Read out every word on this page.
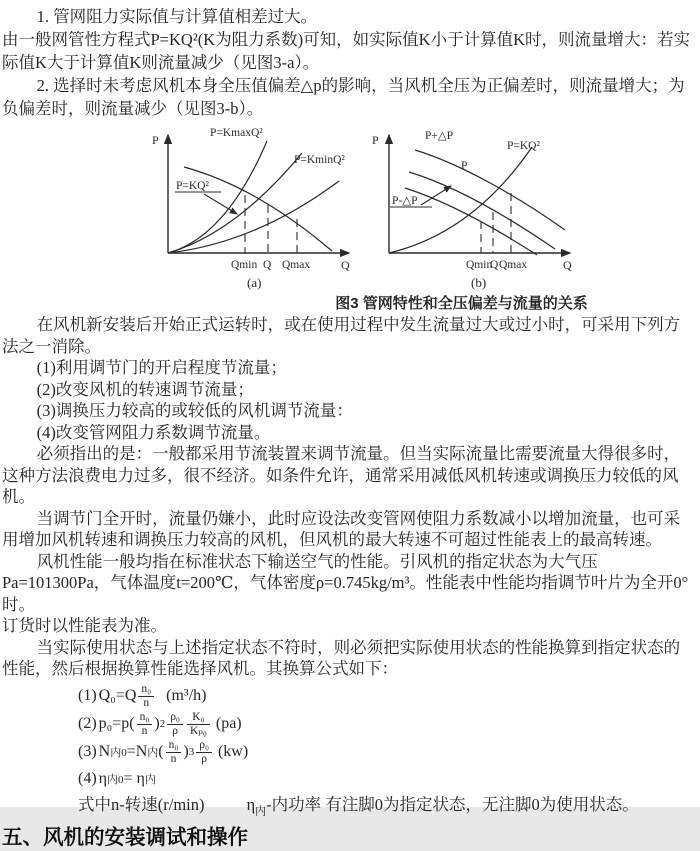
1. 管网阻力实际值与计算值相差过大。

由一般网管性方程式P=KQ²(K为阻力系数)可知，如实际值K小于计算值K时，则流量增大：若实际值K大于计算值K则流量减少（见图3-a）。

2. 选择时未考虑风机本身全压值偏差△p的影响，当风机全压为正偏差时，则流量增大；为负偏差时，则流量减少（见图3-b）。

P
Q
P=KmaxQ²
P=KminQ²
P=KQ²
Qmin Q Qmax
(a)
P
Q
P+△P
P
P-△P
P=KQ²
Qmin
Q Qmax
(b)
图3 管网特性和全压偏差与流量的关系

在风机新安装后开始正式运转时，或在使用过程中发生流量过大或过小时，可采用下列方法之一消除。

(1)利用调节门的开启程度节流量；

(2)改变风机的转速调节流量；

(3)调换压力较高的或较低的风机调节流量：

(4)改变管网阻力系数调节流量。

必须指出的是：一般都采用节流装置来调节流量。但当实际流量比需要流量大得很多时，这种方法浪费电力过多，很不经济。如条件允许，通常采用减低风机转速或调换压力较低的风机。

当调节门全开时，流量仍嫌小，此时应设法改变管网使阻力系数减小以增加流量，也可采用增加风机转速和调换压力较高的风机，但风机的最大转速不可超过性能表上的最高转速。

风机性能一般均指在标准状态下输送空气的性能。引风机的指定状态为大气压Pa=101300Pa，气体温度t=200℃，气体密度ρ=0.745kg/m³。性能表中性能均指调节叶片为全开0°时。

订货时以性能表为准。

当实际使用状态与上述指定状态不符时，则必须把实际使用状态的性能换算到指定状态的性能，然后根据换算性能选择风机。其换算公式如下：

(1) $Q_0=Q \frac{\text{n₀}}{n} (m^3/h)$
(2) $p_0=p( \frac{\text{n₀}}{n}$ ) $2 \frac{\text{ρ₀}}{\rho} \frac{\text{K₀}}{\text{Kₚ₀}} (pa)$
(3) N 内0 =N 内 ( $\frac{\text{n₀}}{n}$ ) $3 \frac{\text{ρ₀}}{\rho} (kw)$
(4) η 内0 = η 内
式中n-转速(r/min)	$\eta_内-$内功率 有注脚0为指定状态，无注脚0为使用状态。
五、风机的安装调试和操作
